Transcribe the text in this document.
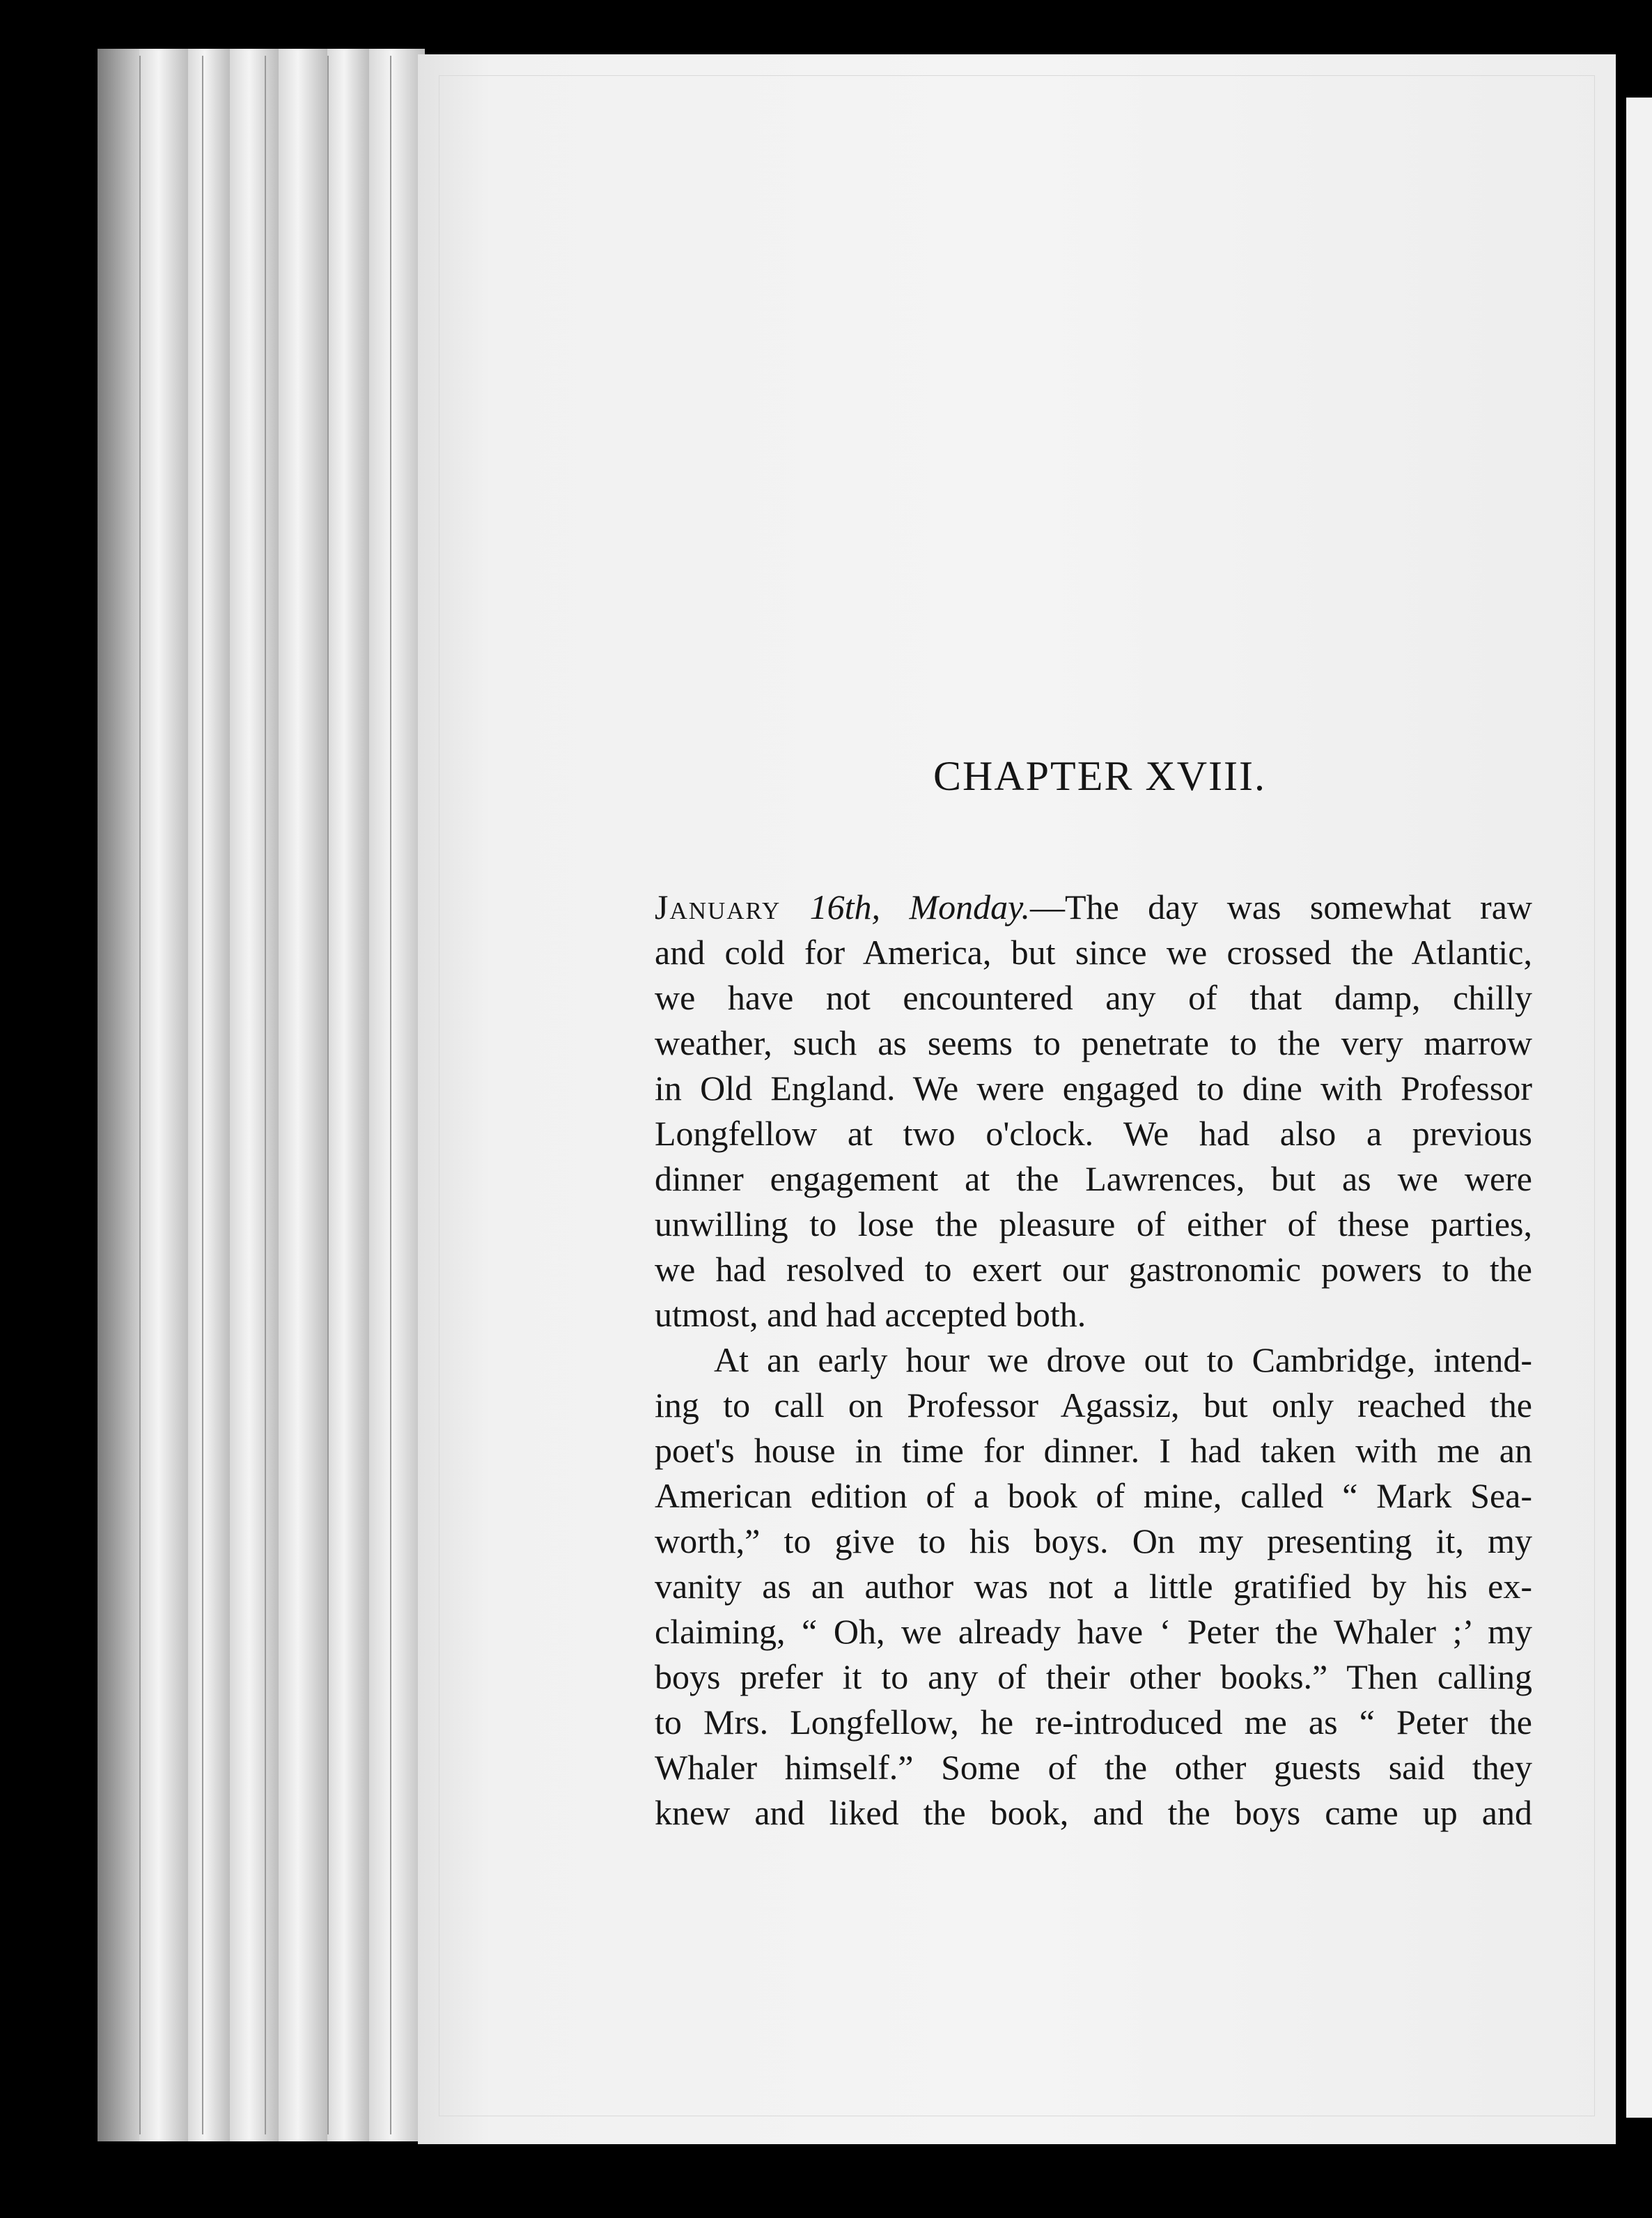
CHAPTER XVIII.
January 16th, Monday.—The day was somewhat raw
and cold for America, but since we crossed the Atlantic,
we have not encountered any of that damp, chilly
weather, such as seems to penetrate to the very marrow
in Old England. We were engaged to dine with Professor
Longfellow at two o'clock. We had also a previous
dinner engagement at the Lawrences, but as we were
unwilling to lose the pleasure of either of these parties,
we had resolved to exert our gastronomic powers to the
utmost, and had accepted both.
At an early hour we drove out to Cambridge, intend-
ing to call on Professor Agassiz, but only reached the
poet's house in time for dinner. I had taken with me an
American edition of a book of mine, called “ Mark Sea-
worth,” to give to his boys. On my presenting it, my
vanity as an author was not a little gratified by his ex-
claiming, “ Oh, we already have ‘ Peter the Whaler ;’ my
boys prefer it to any of their other books.” Then calling
to Mrs. Longfellow, he re-introduced me as “ Peter the
Whaler himself.” Some of the other guests said they
knew and liked the book, and the boys came up and
